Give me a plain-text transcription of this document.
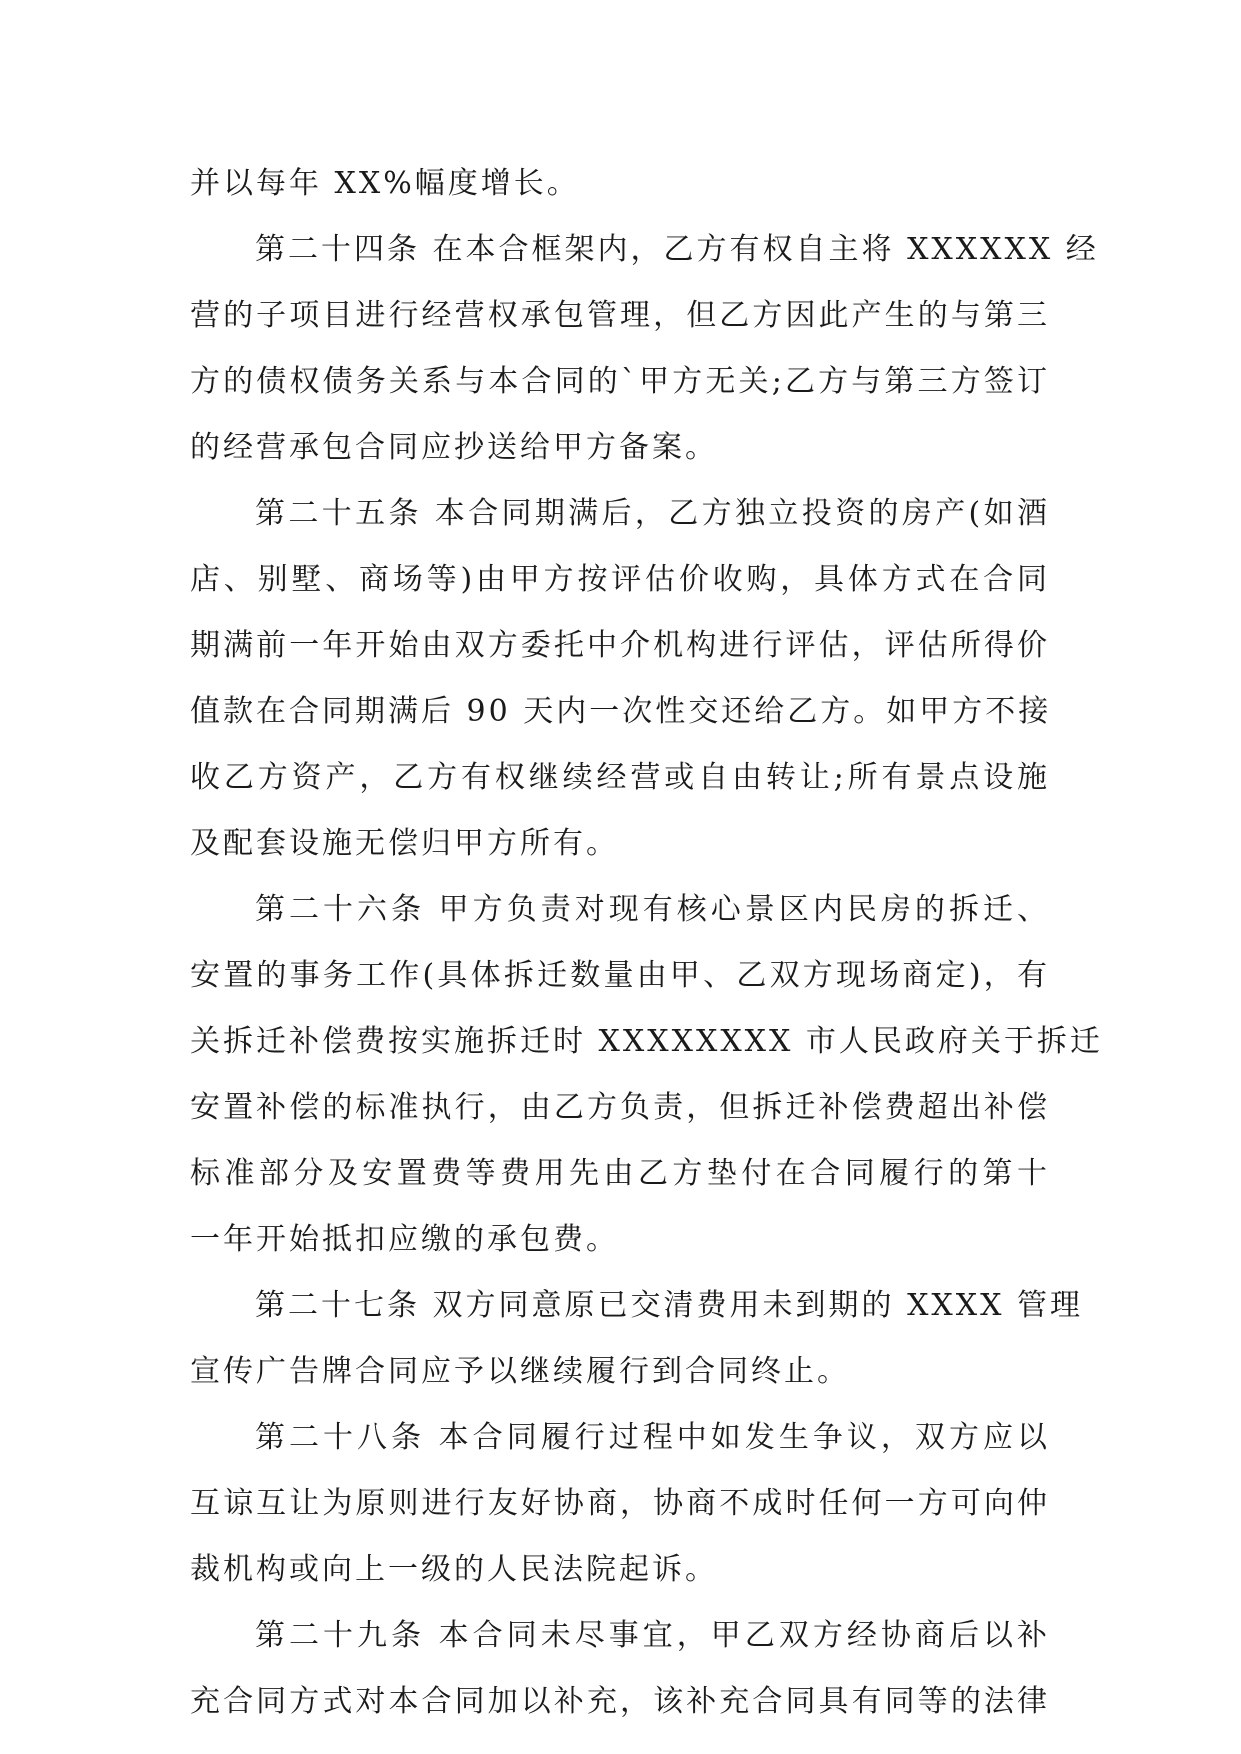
并以每年 XX%幅度增长。
第二十四条 在本合框架内，乙方有权自主将 XXXXXX 经
营的子项目进行经营权承包管理，但乙方因此产生的与第三
方的债权债务关系与本合同的`甲方无关;乙方与第三方签订
的经营承包合同应抄送给甲方备案。
第二十五条 本合同期满后，乙方独立投资的房产(如酒
店、别墅、商场等)由甲方按评估价收购，具体方式在合同
期满前一年开始由双方委托中介机构进行评估，评估所得价
值款在合同期满后 90 天内一次性交还给乙方。如甲方不接
收乙方资产，乙方有权继续经营或自由转让;所有景点设施
及配套设施无偿归甲方所有。
第二十六条 甲方负责对现有核心景区内民房的拆迁、
安置的事务工作(具体拆迁数量由甲、乙双方现场商定)，有
关拆迁补偿费按实施拆迁时 XXXXXXXX 市人民政府关于拆迁
安置补偿的标准执行，由乙方负责，但拆迁补偿费超出补偿
标准部分及安置费等费用先由乙方垫付在合同履行的第十
一年开始抵扣应缴的承包费。
第二十七条 双方同意原已交清费用未到期的 XXXX 管理
宣传广告牌合同应予以继续履行到合同终止。
第二十八条 本合同履行过程中如发生争议，双方应以
互谅互让为原则进行友好协商，协商不成时任何一方可向仲
裁机构或向上一级的人民法院起诉。
第二十九条 本合同未尽事宜，甲乙双方经协商后以补
充合同方式对本合同加以补充，该补充合同具有同等的法律
